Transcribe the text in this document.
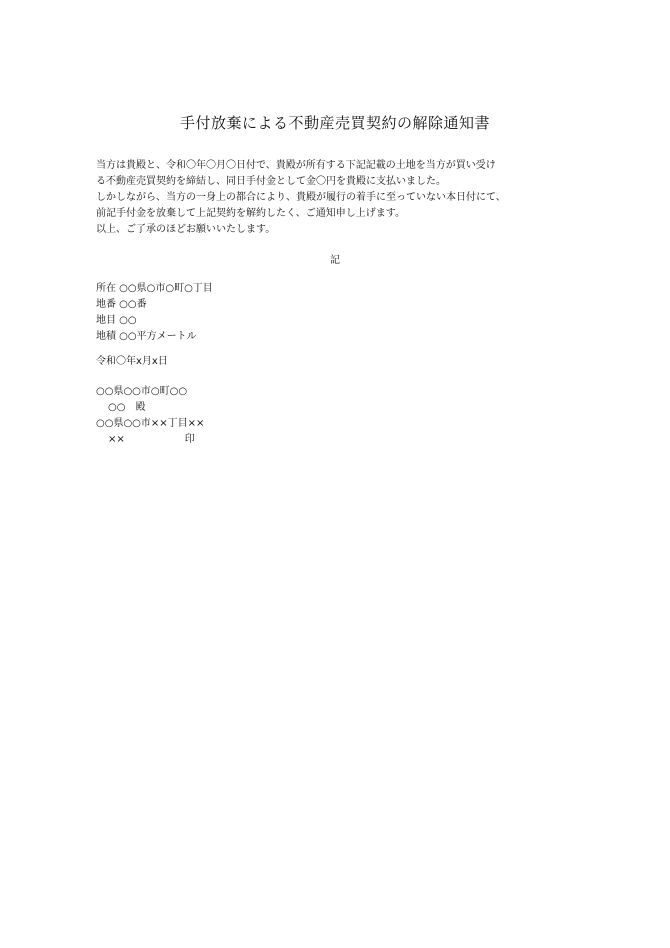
手付放棄による不動産売買契約の解除通知書
当方は貴殿と、令和〇年〇月〇日付で、貴殿が所有する下記記載の土地を当方が買い受け
る不動産売買契約を締結し、同日手付金として金〇円を貴殿に支払いました。
しかしながら、当方の一身上の都合により、貴殿が履行の着手に至っていない本日付にて、
前記手付金を放棄して上記契約を解約したく、ご通知申し上げます。
以上、ご了承のほどお願いいたします。
記
所在 ○○県○市○町○丁目
地番 ○○番
地目 ○○
地積 ○○平方メートル
令和〇年x月x日
○○県○○市○町○○
○○　殿
○○県○○市××丁目××
××　　　　　　印
